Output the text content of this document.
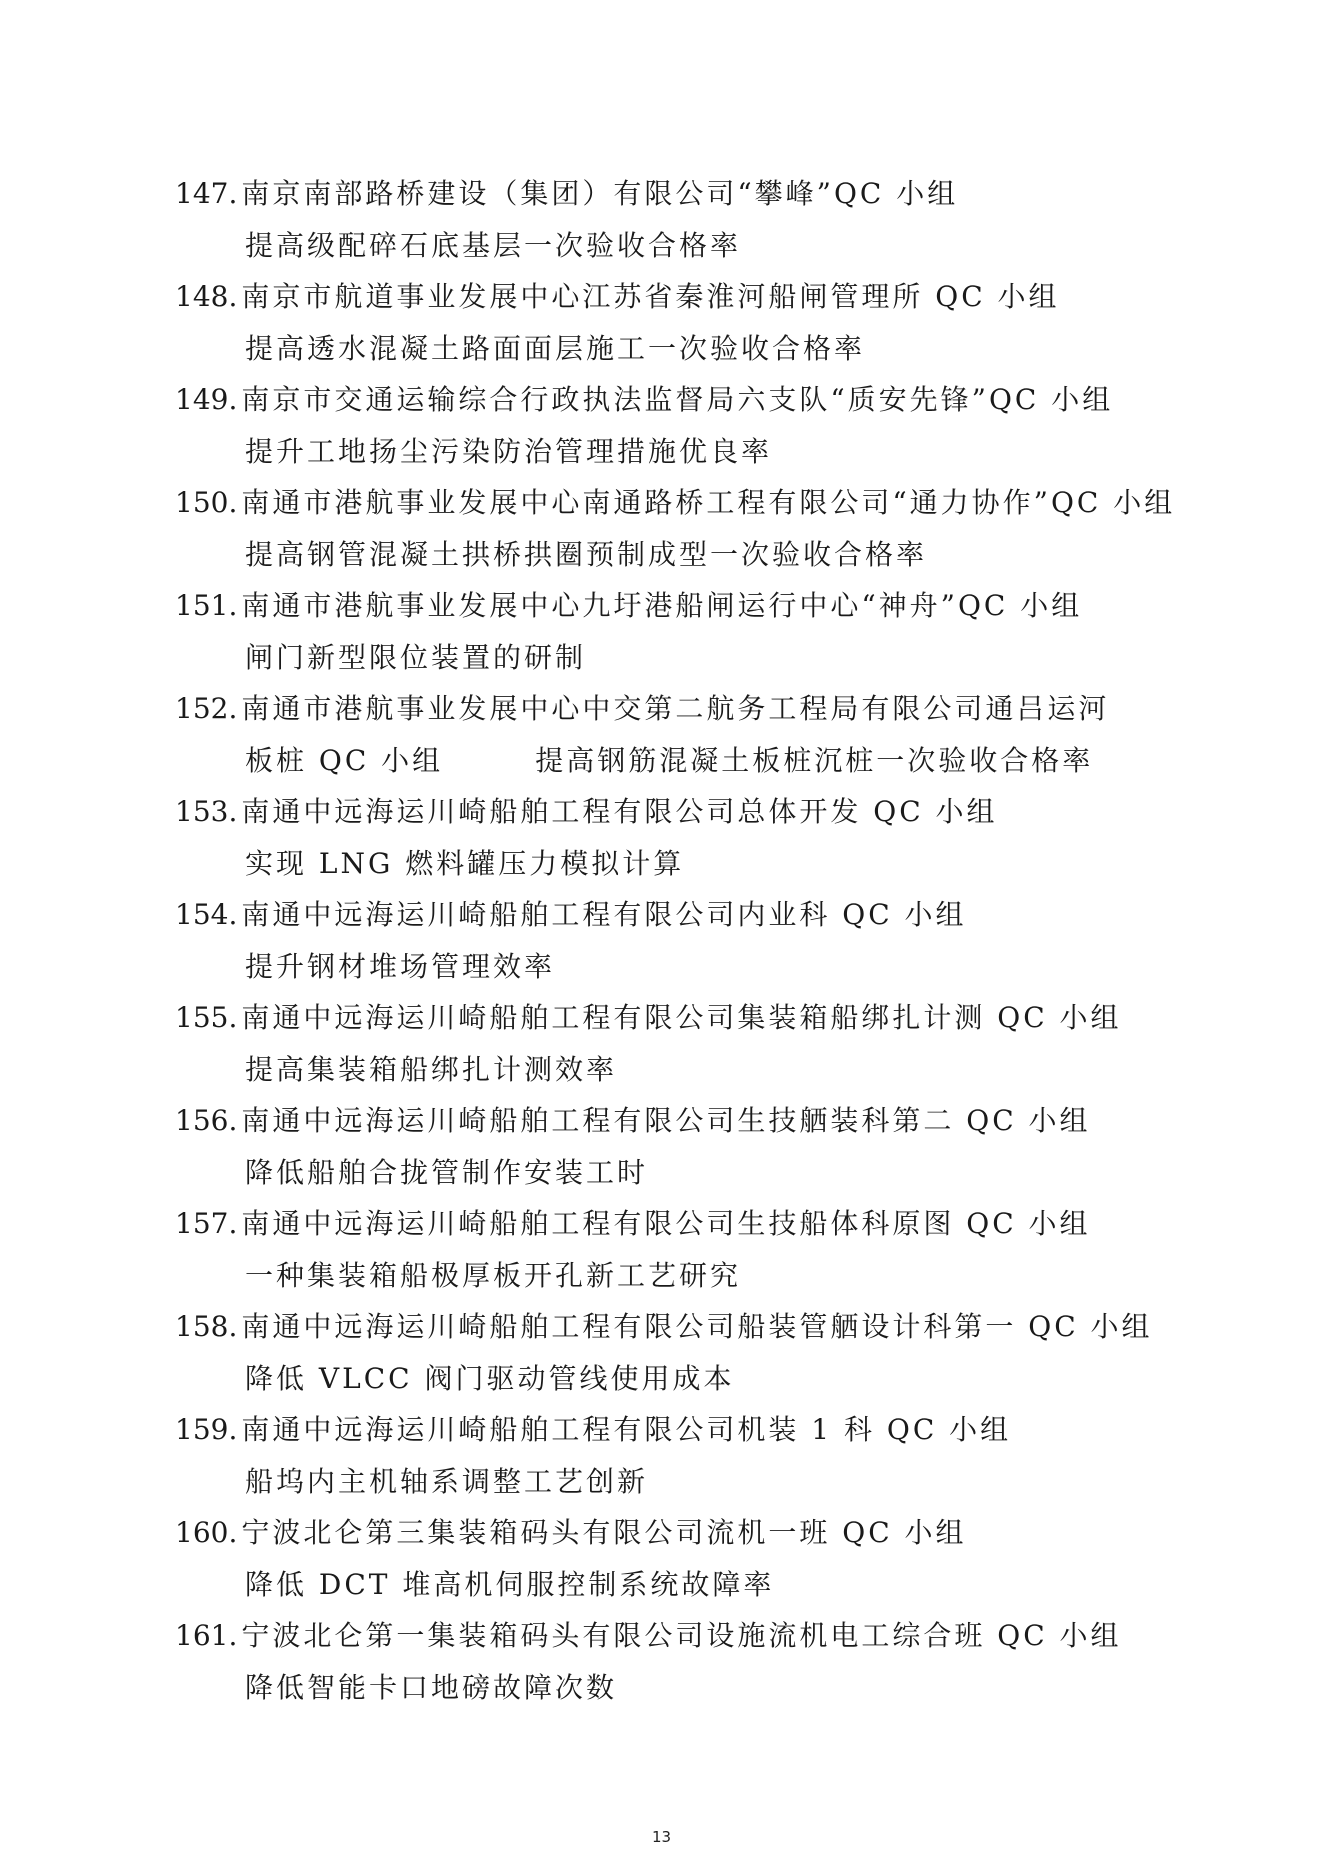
147. 南京南部路桥建设（集团）有限公司“攀峰”QC 小组
提高级配碎石底基层一次验收合格率
148. 南京市航道事业发展中心江苏省秦淮河船闸管理所 QC 小组
提高透水混凝土路面面层施工一次验收合格率
149. 南京市交通运输综合行政执法监督局六支队“质安先锋”QC 小组
提升工地扬尘污染防治管理措施优良率
150. 南通市港航事业发展中心南通路桥工程有限公司“通力协作”QC 小组
提高钢管混凝土拱桥拱圈预制成型一次验收合格率
151. 南通市港航事业发展中心九圩港船闸运行中心“神舟”QC 小组
闸门新型限位装置的研制
152. 南通市港航事业发展中心中交第二航务工程局有限公司通吕运河
板桩 QC 小组	提高钢筋混凝土板桩沉桩一次验收合格率
153. 南通中远海运川崎船舶工程有限公司总体开发 QC 小组
实现 LNG 燃料罐压力模拟计算
154. 南通中远海运川崎船舶工程有限公司内业科 QC 小组
提升钢材堆场管理效率
155. 南通中远海运川崎船舶工程有限公司集装箱船绑扎计测 QC 小组
提高集装箱船绑扎计测效率
156. 南通中远海运川崎船舶工程有限公司生技舾装科第二 QC 小组
降低船舶合拢管制作安装工时
157. 南通中远海运川崎船舶工程有限公司生技船体科原图 QC 小组
一种集装箱船极厚板开孔新工艺研究
158. 南通中远海运川崎船舶工程有限公司船装管舾设计科第一 QC 小组
降低 VLCC 阀门驱动管线使用成本
159. 南通中远海运川崎船舶工程有限公司机装 1 科 QC 小组
船坞内主机轴系调整工艺创新
160. 宁波北仑第三集装箱码头有限公司流机一班 QC 小组
降低 DCT 堆高机伺服控制系统故障率
161. 宁波北仑第一集装箱码头有限公司设施流机电工综合班 QC 小组
降低智能卡口地磅故障次数
13
